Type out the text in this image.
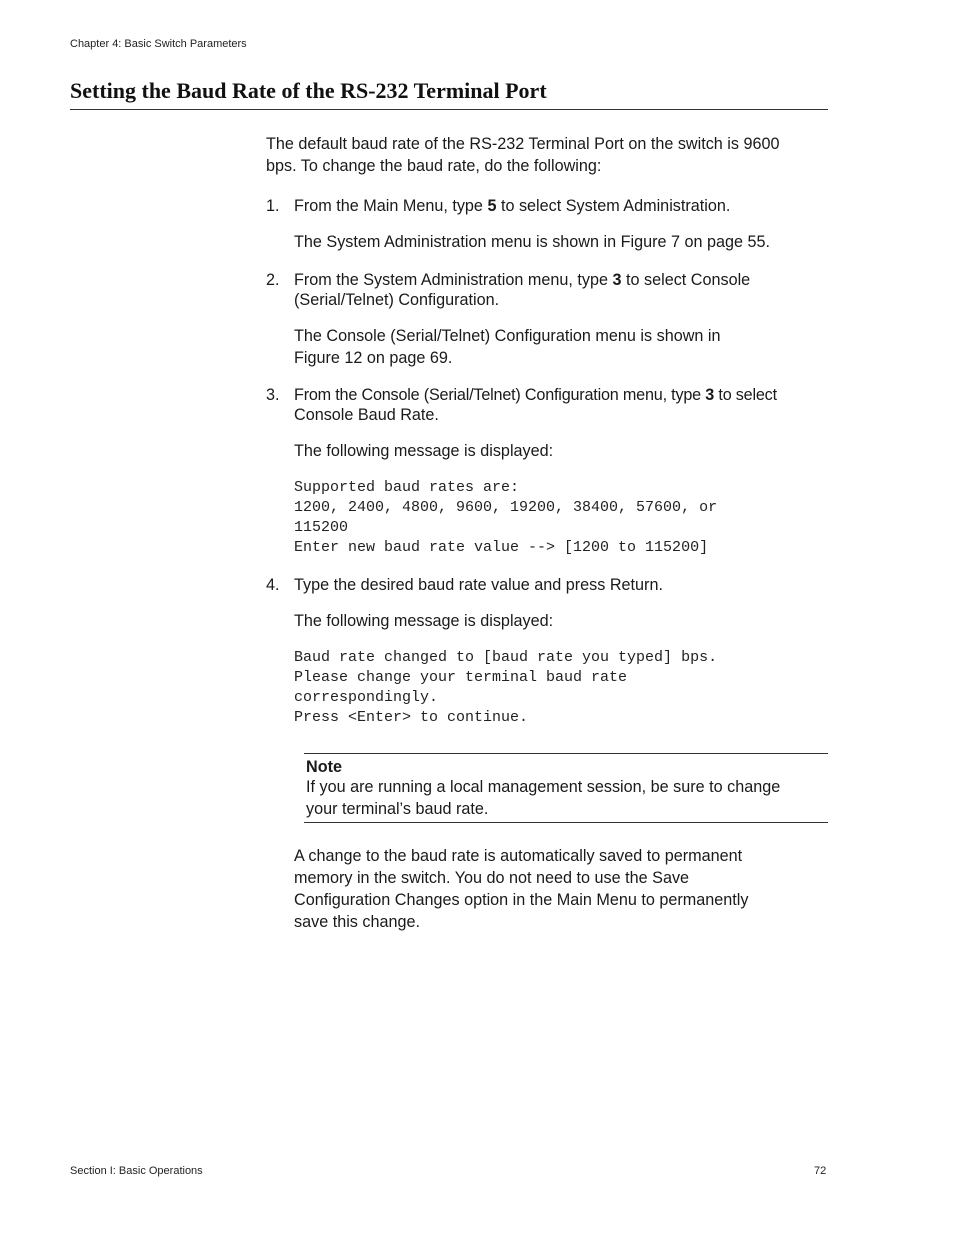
Chapter 4: Basic Switch Parameters
Setting the Baud Rate of the RS-232 Terminal Port
The default baud rate of the RS-232 Terminal Port on the switch is 9600
bps. To change the baud rate, do the following:
1. From the Main Menu, type 5 to select System Administration.
The System Administration menu is shown in Figure 7 on page 55.
2. From the System Administration menu, type 3 to select Console
(Serial/Telnet) Configuration.
The Console (Serial/Telnet) Configuration menu is shown in
Figure 12 on page 69.
3. From the Console (Serial/Telnet) Configuration menu, type 3 to select
Console Baud Rate.
The following message is displayed:
Supported baud rates are:
1200, 2400, 4800, 9600, 19200, 38400, 57600, or
115200
Enter new baud rate value --> [1200 to 115200]
4. Type the desired baud rate value and press Return.
The following message is displayed:
Baud rate changed to [baud rate you typed] bps.
Please change your terminal baud rate
correspondingly.
Press <Enter> to continue.
Note
If you are running a local management session, be sure to change
your terminal’s baud rate.
A change to the baud rate is automatically saved to permanent
memory in the switch. You do not need to use the Save
Configuration Changes option in the Main Menu to permanently
save this change.
Section I: Basic Operations	72
